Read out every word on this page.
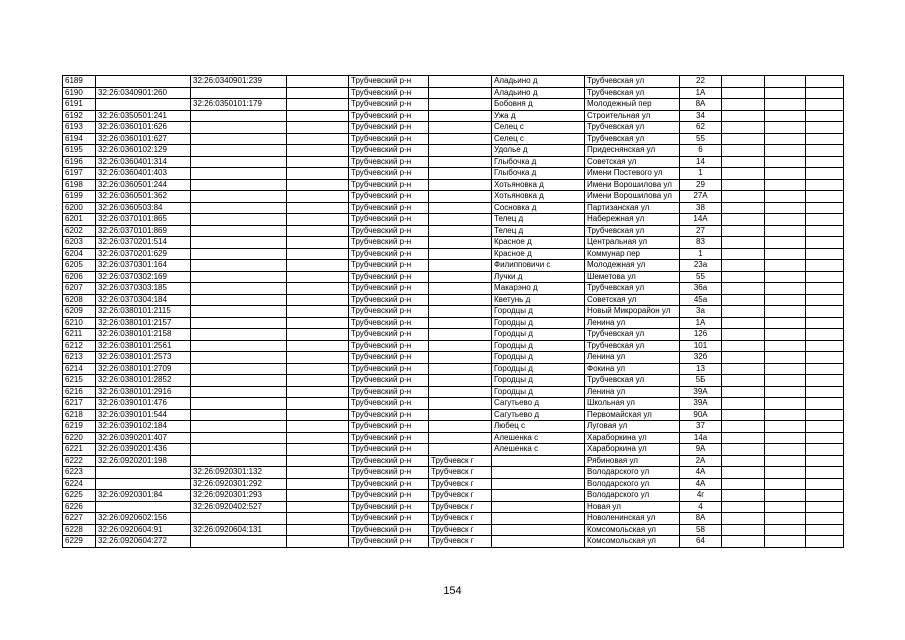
6189		32:26:0340901:239		Трубчевский р-н		Аладьино д	Трубчевская ул	22			
6190	32:26:0340901:260			Трубчевский р-н		Аладьино д	Трубчевская ул	1А			
6191		32:26:0350101:179		Трубчевский р-н		Бобовня д	Молодежный пер	8А			
6192	32:26:0350501:241			Трубчевский р-н		Ужа д	Строительная ул	34			
6193	32:26:0360101:626			Трубчевский р-н		Селец с	Трубчевская ул	62			
6194	32:26:0360101:627			Трубчевский р-н		Селец с	Трубчевская ул	55			
6195	32:26:0360102:129			Трубчевский р-н		Удолье д	Придеснянская ул	6			
6196	32:26:0360401:314			Трубчевский р-н		Глыбочка д	Советская ул	14			
6197	32:26:0360401:403			Трубчевский р-н		Глыбочка д	Имени Постевого ул	1			
6198	32:26:0360501:244			Трубчевский р-н		Хотьяновка д	Имени Ворошилова ул	29			
6199	32:26:0360501:362			Трубчевский р-н		Хотьяновка д	Имени Ворошилова ул	27А			
6200	32:26:0360503:84			Трубчевский р-н		Сосновка д	Партизанская ул	38			
6201	32:26:0370101:865			Трубчевский р-н		Телец д	Набережная ул	14А			
6202	32:26:0370101:869			Трубчевский р-н		Телец д	Трубчевская ул	27			
6203	32:26:0370201:514			Трубчевский р-н		Красное д	Центральная ул	83			
6204	32:26:0370201:629			Трубчевский р-н		Красное д	Коммунар пер	1			
6205	32:26:0370301:164			Трубчевский р-н		Филипповичи с	Молодежная ул	23а			
6206	32:26:0370302:169			Трубчевский р-н		Лучки д	Шеметова ул	55			
6207	32:26:0370303:185			Трубчевский р-н		Макарэно д	Трубчевская ул	36а			
6208	32:26:0370304:184			Трубчевский р-н		Кветунь д	Советская ул	45а			
6209	32:26:0380101:2115			Трубчевский р-н		Городцы д	Новый Микрорайон ул	3а			
6210	32:26:0380101:2157			Трубчевский р-н		Городцы д	Ленина ул	1А			
6211	32:26:0380101:2158			Трубчевский р-н		Городцы д	Трубчевская ул	126			
6212	32:26:0380101:2561			Трубчевский р-н		Городцы д	Трубчевская ул	101			
6213	32:26:0380101:2573			Трубчевский р-н		Городцы д	Ленина ул	32б			
6214	32:26:0380101:2709			Трубчевский р-н		Городцы д	Фокина ул	13			
6215	32:26:0380101:2852			Трубчевский р-н		Городцы д	Трубчевская ул	5Б			
6216	32:26:0380101:2916			Трубчевский р-н		Городцы д	Ленина ул	39А			
6217	32:26:0390101:476			Трубчевский р-н		Сагутьево д	Школьная ул	39А			
6218	32:26:0390101:544			Трубчевский р-н		Сагутьево д	Первомайская ул	90А			
6219	32:26:0390102:184			Трубчевский р-н		Любец с	Луговая ул	37			
6220	32:26:0390201:407			Трубчевский р-н		Алешенка с	Хараборкина ул	14а			
6221	32:26:0390201:436			Трубчевский р-н		Алешенка с	Хараборкина ул	9А			
6222	32:26:0920201:198			Трубчевский р-н	Трубчевск г		Рябиновая ул	2А			
6223		32:26:0920301:132		Трубчевский р-н	Трубчевск г		Володарского ул	4А			
6224		32:26:0920301:292		Трубчевский р-н	Трубчевск г		Володарского ул	4А			
6225	32:26:0920301:84	32:26:0920301:293		Трубчевский р-н	Трубчевск г		Володарского ул	4г			
6226		32:26:0920402:527		Трубчевский р-н	Трубчевск г		Новая ул	4			
6227	32:26:0920602:156			Трубчевский р-н	Трубчевск г		Новоленинская ул	8А			
6228	32:26:0920604:91	32:26:0920604:131		Трубчевский р-н	Трубчевск г		Комсомольская ул	58			
6229	32:26:0920604:272			Трубчевский р-н	Трубчевск г		Комсомольская ул	64			
154
